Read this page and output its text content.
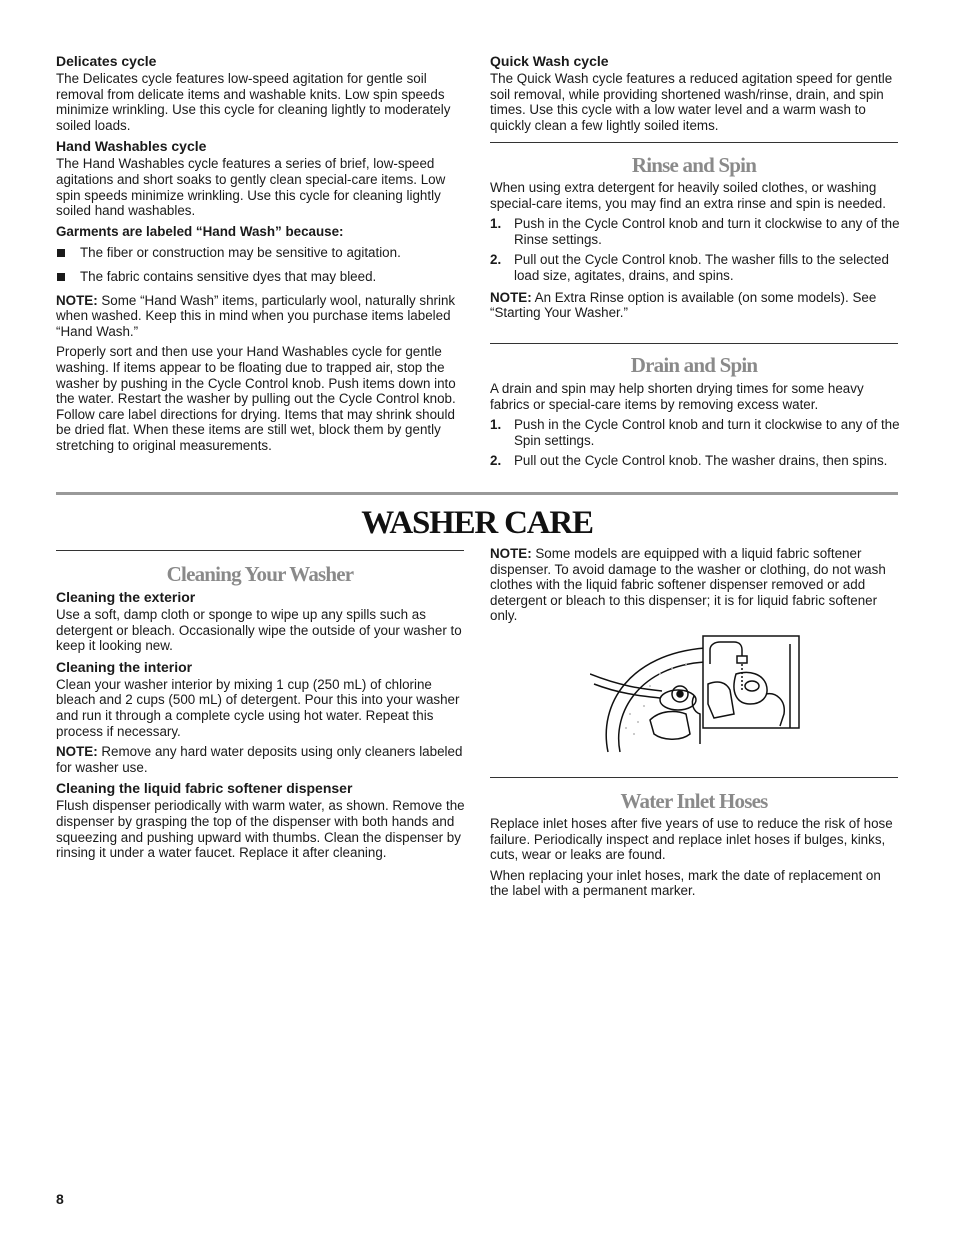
Delicates cycle

The Delicates cycle features low-speed agitation for gentle soil removal from delicate items and washable knits. Low spin speeds minimize wrinkling. Use this cycle for cleaning lightly to moderately soiled loads.

Hand Washables cycle

The Hand Washables cycle features a series of brief, low-speed agitations and short soaks to gently clean special-care items. Low spin speeds minimize wrinkling. Use this cycle for cleaning lightly soiled hand washables.

Garments are labeled “Hand Wash” because:

The fiber or construction may be sensitive to agitation.
The fabric contains sensitive dyes that may bleed.

NOTE: Some “Hand Wash” items, particularly wool, naturally shrink when washed. Keep this in mind when you purchase items labeled “Hand Wash.”

Properly sort and then use your Hand Washables cycle for gentle washing. If items appear to be floating due to trapped air, stop the washer by pushing in the Cycle Control knob. Push items down into the water. Restart the washer by pulling out the Cycle Control knob. Follow care label directions for drying. Items that may shrink should be dried flat. When these items are still wet, block them by gently stretching to original measurements.

Quick Wash cycle

The Quick Wash cycle features a reduced agitation speed for gentle soil removal, while providing shortened wash/rinse, drain, and spin times. Use this cycle with a low water level and a warm wash to quickly clean a few lightly soiled items.

Rinse and Spin

When using extra detergent for heavily soiled clothes, or washing special-care items, you may find an extra rinse and spin is needed.

1. Push in the Cycle Control knob and turn it clockwise to any of the Rinse settings.
2. Pull out the Cycle Control knob. The washer fills to the selected load size, agitates, drains, and spins.

NOTE: An Extra Rinse option is available (on some models). See “Starting Your Washer.”

Drain and Spin

A drain and spin may help shorten drying times for some heavy fabrics or special-care items by removing excess water.

1. Push in the Cycle Control knob and turn it clockwise to any of the Spin settings.
2. Pull out the Cycle Control knob. The washer drains, then spins.
WASHER CARE
Cleaning Your Washer
Cleaning the exterior

Use a soft, damp cloth or sponge to wipe up any spills such as detergent or bleach. Occasionally wipe the outside of your washer to keep it looking new.

Cleaning the interior

Clean your washer interior by mixing 1 cup (250 mL) of chlorine bleach and 2 cups (500 mL) of detergent. Pour this into your washer and run it through a complete cycle using hot water. Repeat this process if necessary.

NOTE: Remove any hard water deposits using only cleaners labeled for washer use.

Cleaning the liquid fabric softener dispenser

Flush dispenser periodically with warm water, as shown. Remove the dispenser by grasping the top of the dispenser with both hands and squeezing and pushing upward with thumbs. Clean the dispenser by rinsing it under a water faucet. Replace it after cleaning.

NOTE: Some models are equipped with a liquid fabric softener dispenser. To avoid damage to the washer or clothing, do not wash clothes with the liquid fabric softener dispenser removed or add detergent or bleach to this dispenser; it is for liquid fabric softener only.

Water Inlet Hoses

Replace inlet hoses after five years of use to reduce the risk of hose failure. Periodically inspect and replace inlet hoses if bulges, kinks, cuts, wear or leaks are found.

When replacing your inlet hoses, mark the date of replacement on the label with a permanent marker.

8
